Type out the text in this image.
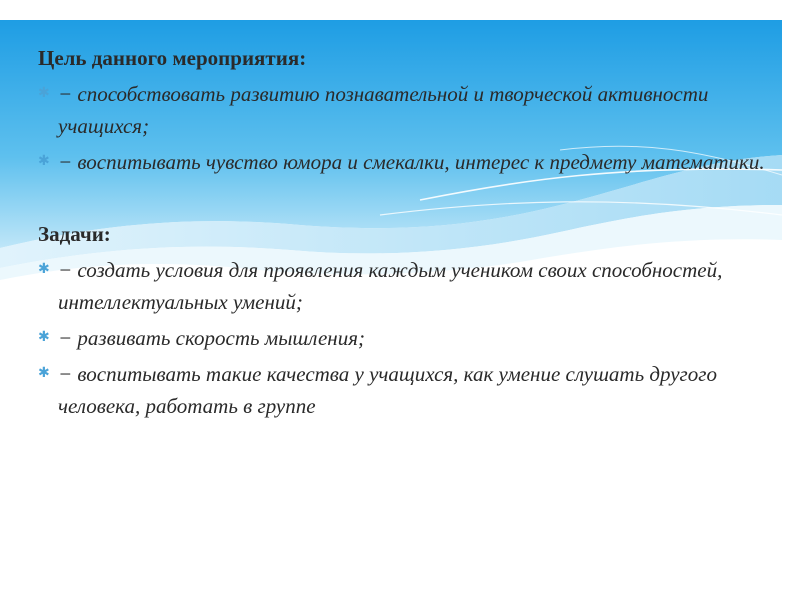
Цель данного мероприятия:

✱ − способствовать развитию познавательной и творческой активности учащихся;
✱ − воспитывать чувство юмора и смекалки, интерес к предмету математики.

Задачи:

✱ − создать условия для проявления каждым учеником своих способностей, интеллектуальных умений;
✱ − развивать скорость мышления;
✱ − воспитывать такие качества у учащихся, как умение слушать другого человека, работать в группе
